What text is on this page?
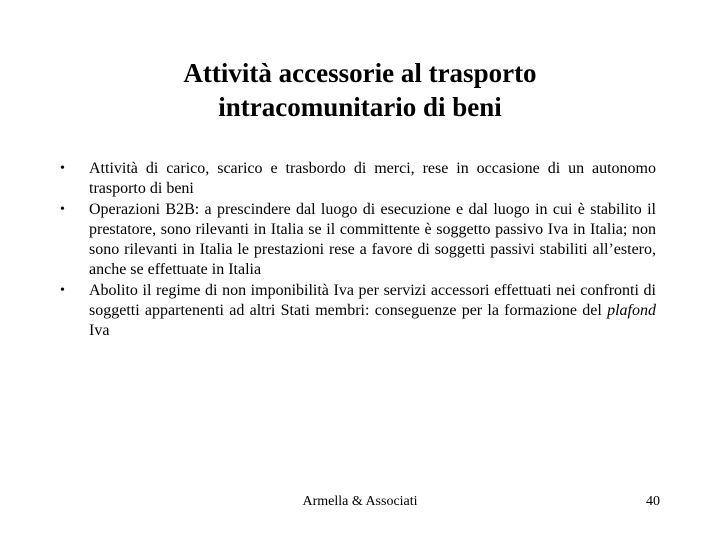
Attività accessorie al trasporto
intracomunitario di beni
• Attività di carico, scarico e trasbordo di merci, rese in occasione di un autonomo trasporto di beni
• Operazioni B2B: a prescindere dal luogo di esecuzione e dal luogo in cui è stabilito il prestatore, sono rilevanti in Italia se il committente è soggetto passivo Iva in Italia; non sono rilevanti in Italia le prestazioni rese a favore di soggetti passivi stabiliti all’estero, anche se effettuate in Italia
• Abolito il regime di non imponibilità Iva per servizi accessori effettuati nei confronti di soggetti appartenenti ad altri Stati membri: conseguenze per la formazione del plafond Iva
Armella & Associati	40
